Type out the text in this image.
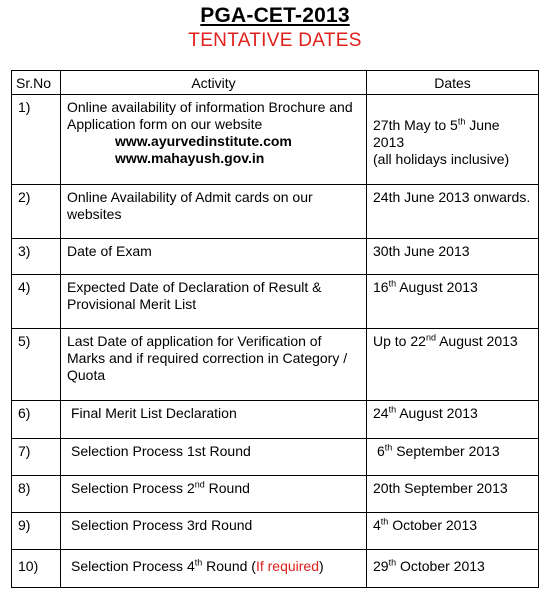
PGA-CET-2013
TENTATIVE DATES
Sr.No	Activity	Dates
1)	Online availability of information Brochure and Application form on our website
www.ayurvedinstitute.com
www.mahayush.gov.in	27th May to 5th June 2013
(all holidays inclusive)
2)	Online Availability of Admit cards on our websites	24th June 2013 onwards.
3)	Date of Exam	30th June 2013
4)	Expected Date of Declaration of Result & Provisional Merit List	16th August 2013
5)	Last Date of application for Verification of Marks and if required correction in Category / Quota	Up to 22nd August 2013
6)	Final Merit List Declaration	24th August 2013
7)	Selection Process 1st Round	6th September 2013
8)	Selection Process 2nd Round	20th September 2013
9)	Selection Process 3rd Round	4th October 2013
10)	Selection Process 4th Round (If required)	29th October 2013
